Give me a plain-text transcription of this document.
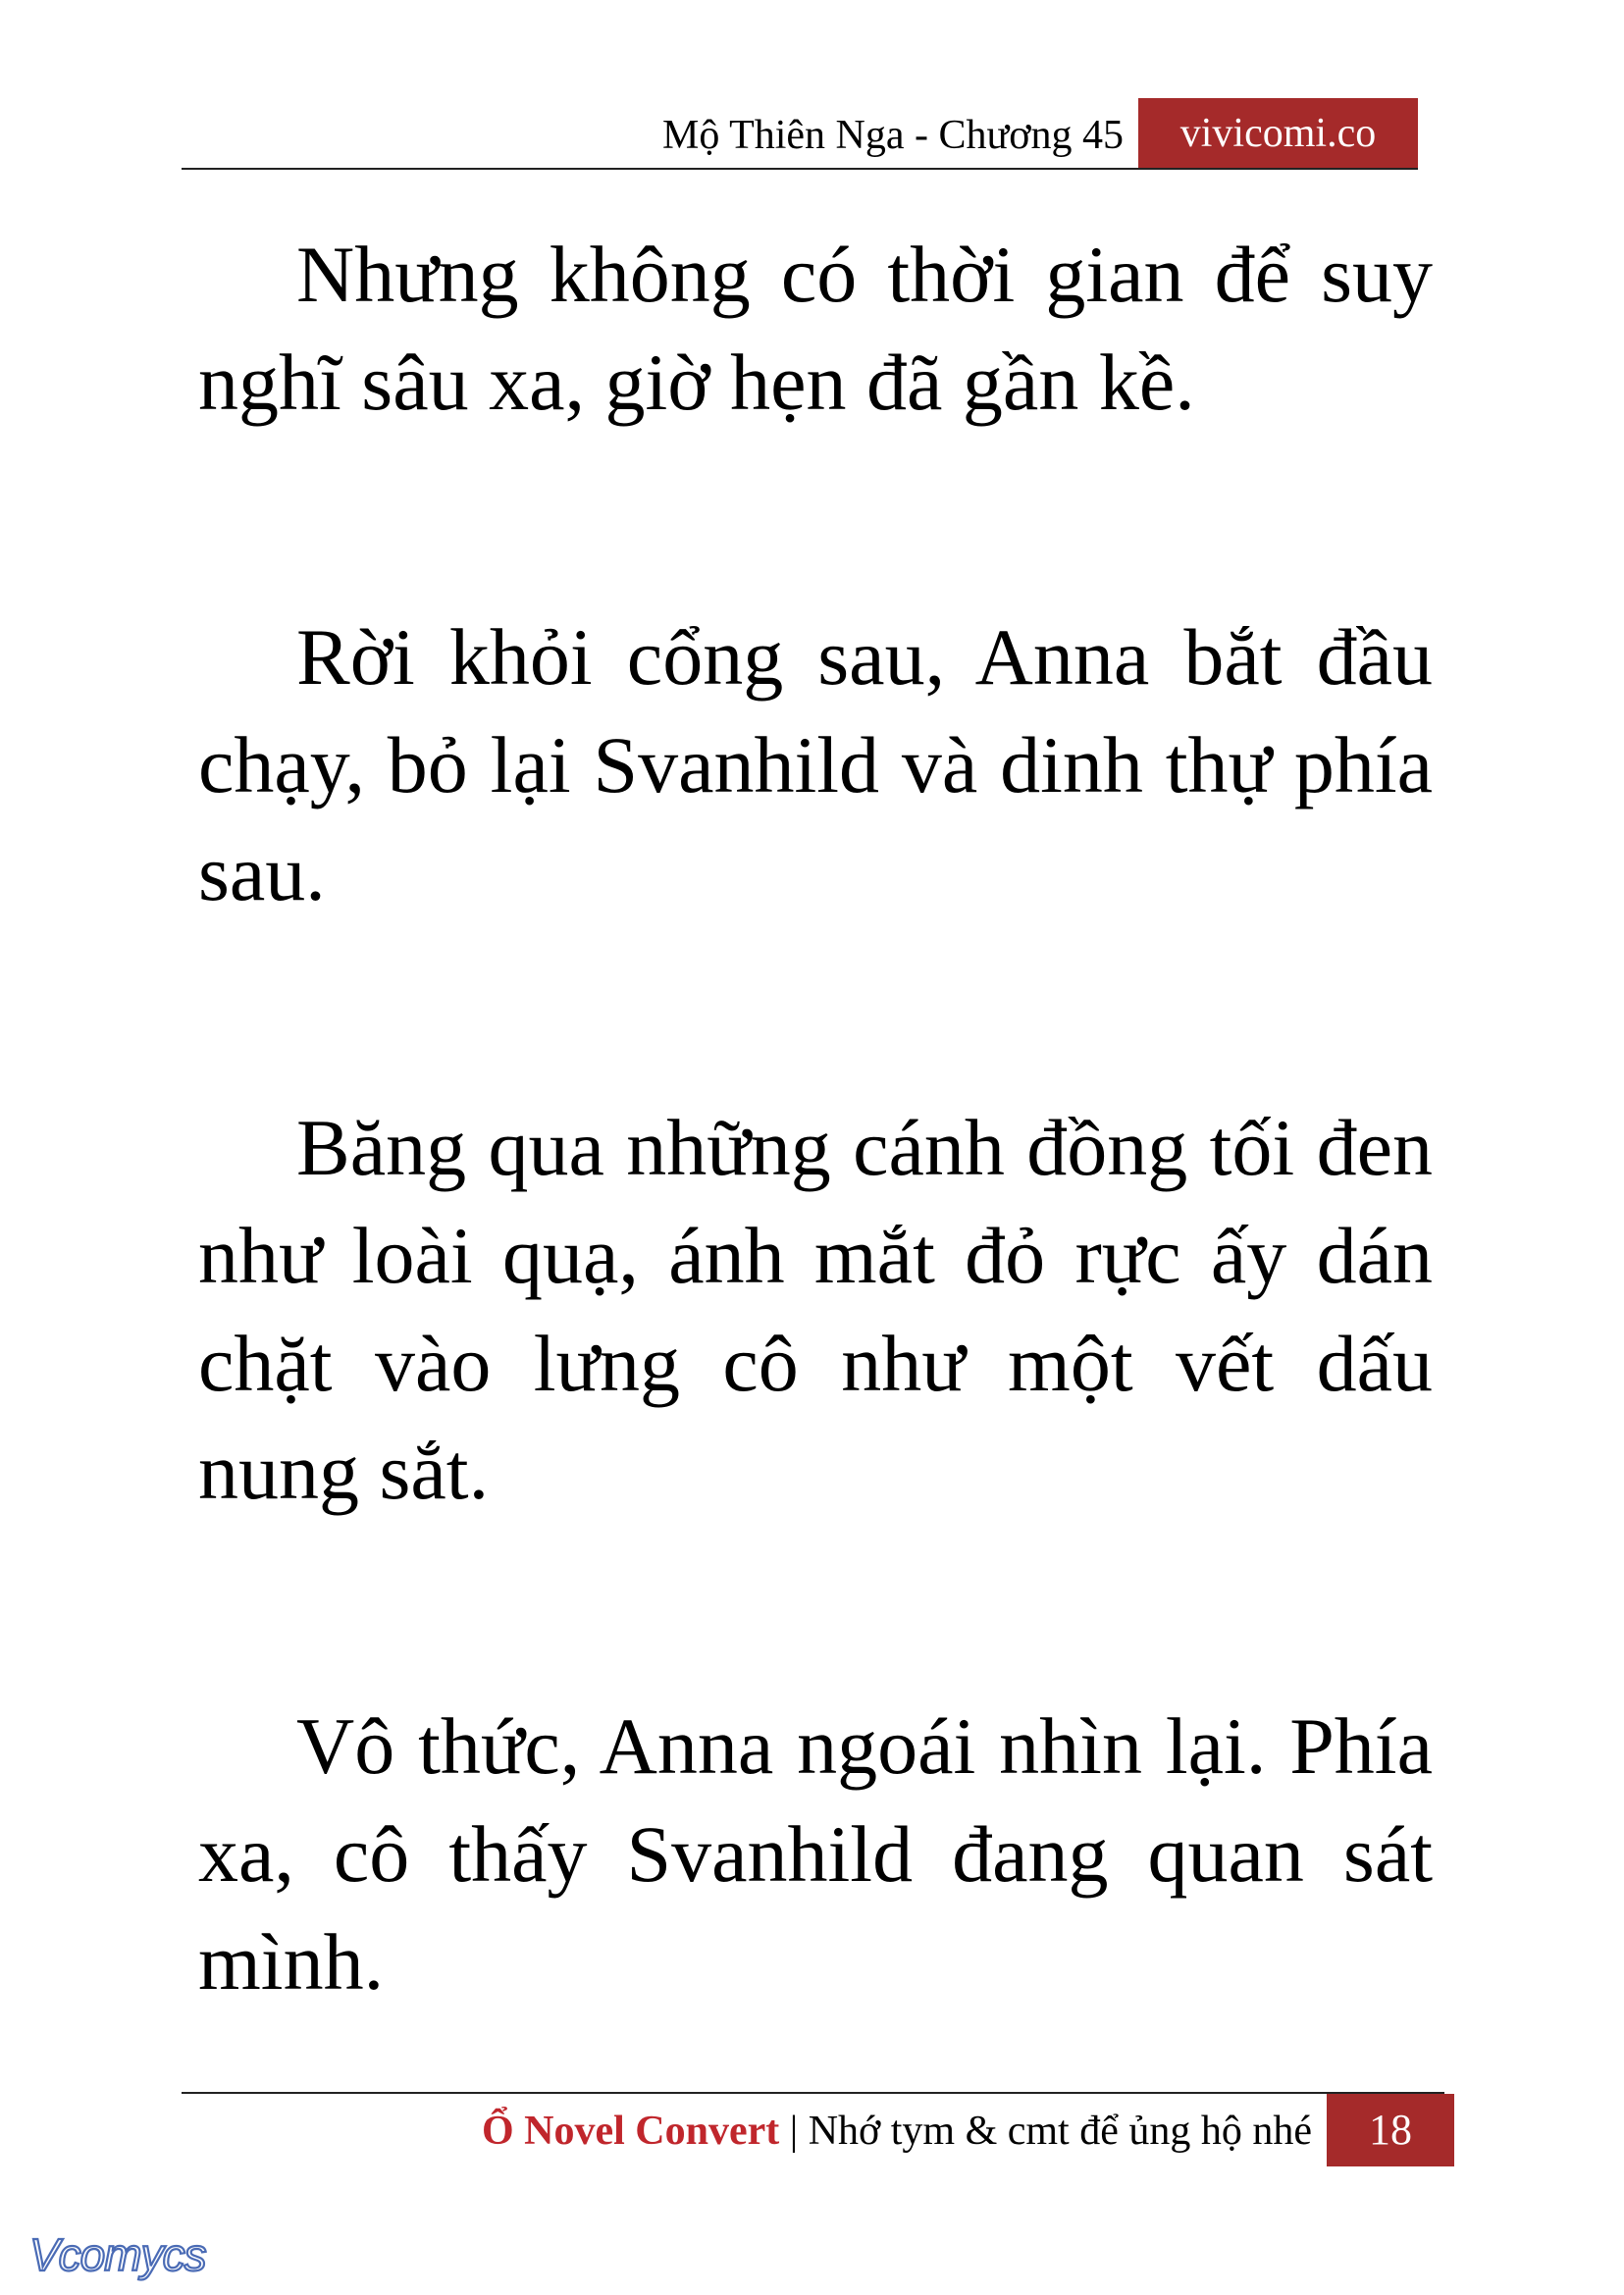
Mộ Thiên Nga - Chương 45	vivicomi.co

Nhưng không có thời gian để suy nghĩ sâu xa, giờ hẹn đã gần kề.

Rời khỏi cổng sau, Anna bắt đầu chạy, bỏ lại Svanhild và dinh thự phía sau.

Băng qua những cánh đồng tối đen như loài quạ, ánh mắt đỏ rực ấy dán chặt vào lưng cô như một vết dấu nung sắt.

Vô thức, Anna ngoái nhìn lại. Phía xa, cô thấy Svanhild đang quan sát mình.

Ổ Novel Convert | Nhớ tym & cmt để ủng hộ nhé	18
Vcomycs
